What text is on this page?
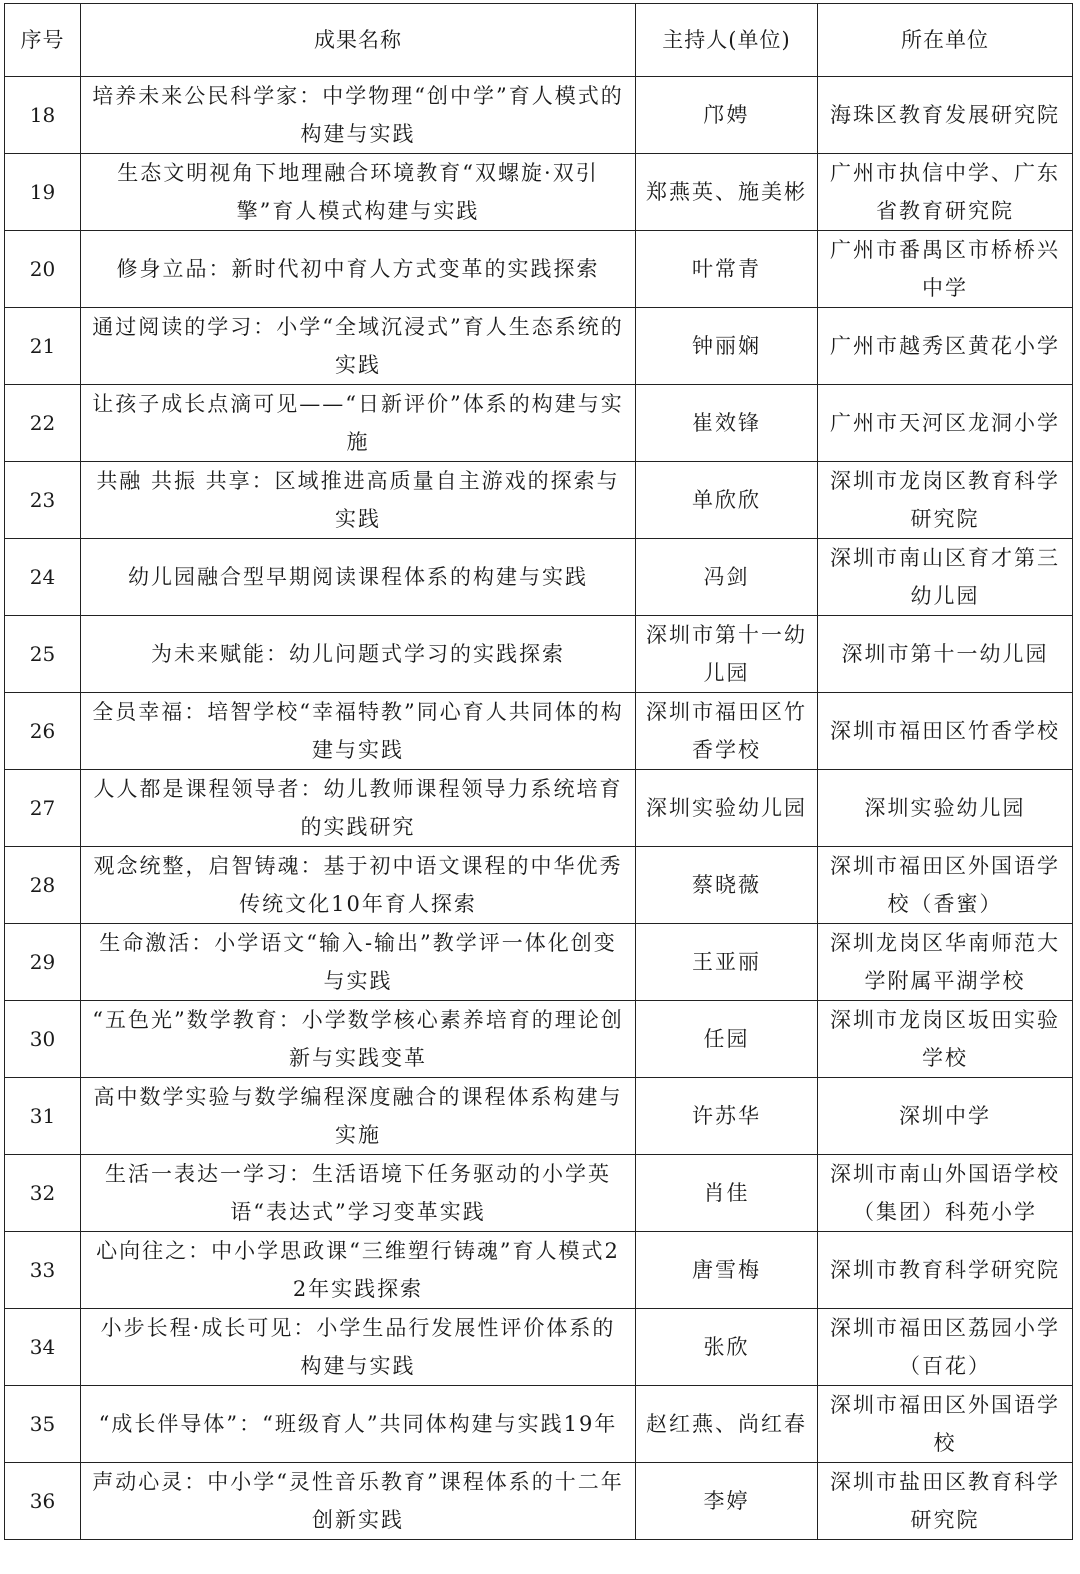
序号	成果名称	主持人(单位)	所在单位
18	培养未来公民科学家：中学物理“创中学”育人模式的构建与实践	邝娉	海珠区教育发展研究院
19	生态文明视角下地理融合环境教育“双螺旋·双引擎”育人模式构建与实践	郑燕英、施美彬	广州市执信中学、广东省教育研究院
20	修身立品：新时代初中育人方式变革的实践探索	叶常青	广州市番禺区市桥桥兴中学
21	通过阅读的学习：小学“全域沉浸式”育人生态系统的实践	钟丽娴	广州市越秀区黄花小学
22	让孩子成长点滴可见——“日新评价”体系的构建与实施	崔效锋	广州市天河区龙洞小学
23	共融 共振 共享：区域推进高质量自主游戏的探索与实践	单欣欣	深圳市龙岗区教育科学研究院
24	幼儿园融合型早期阅读课程体系的构建与实践	冯剑	深圳市南山区育才第三幼儿园
25	为未来赋能：幼儿问题式学习的实践探索	深圳市第十一幼儿园	深圳市第十一幼儿园
26	全员幸福：培智学校“幸福特教”同心育人共同体的构建与实践	深圳市福田区竹香学校	深圳市福田区竹香学校
27	人人都是课程领导者：幼儿教师课程领导力系统培育的实践研究	深圳实验幼儿园	深圳实验幼儿园
28	观念统整，启智铸魂：基于初中语文课程的中华优秀传统文化10年育人探索	蔡晓薇	深圳市福田区外国语学校（香蜜）
29	生命激活：小学语文“输入-输出”教学评一体化创变与实践	王亚丽	深圳龙岗区华南师范大学附属平湖学校
30	“五色光”数学教育：小学数学核心素养培育的理论创新与实践变革	任园	深圳市龙岗区坂田实验学校
31	高中数学实验与数学编程深度融合的课程体系构建与实施	许苏华	深圳中学
32	生活一表达一学习：生活语境下任务驱动的小学英语“表达式”学习变革实践	肖佳	深圳市南山外国语学校（集团）科苑小学
33	心向往之：中小学思政课“三维塑行铸魂”育人模式22年实践探索	唐雪梅	深圳市教育科学研究院
34	小步长程·成长可见：小学生品行发展性评价体系的构建与实践	张欣	深圳市福田区荔园小学（百花）
35	“成长伴导体”：“班级育人”共同体构建与实践19年	赵红燕、尚红春	深圳市福田区外国语学校
36	声动心灵：中小学“灵性音乐教育”课程体系的十二年创新实践	李婷	深圳市盐田区教育科学研究院
